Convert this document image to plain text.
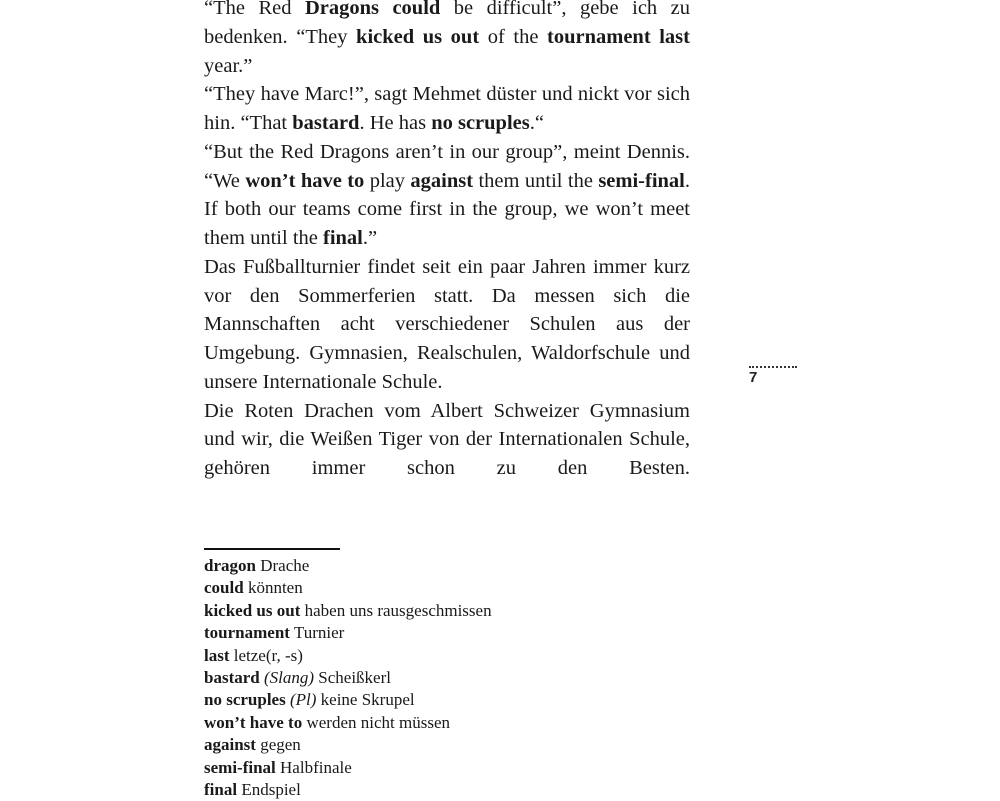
“The Red Dragons could be difficult”, gebe ich zu bedenken. “They kicked us out of the tournament last year.”

“They have Marc!”, sagt Mehmet düster und nickt vor sich hin. “That bastard. He has no scruples.“

“But the Red Dragons aren’t in our group”, meint Dennis. “We won’t have to play against them until the semi-final. If both our teams come first in the group, we won’t meet them until the final.”

Das Fußballturnier findet seit ein paar Jahren immer kurz vor den Sommerferien statt. Da messen sich die Mannschaften acht verschiedener Schulen aus der Umgebung. Gymnasien, Realschulen, Waldorfschule und unsere Internationale Schule.

Die Roten Drachen vom Albert Schweizer Gymnasium und wir, die Weißen Tiger von der Internationalen Schule, gehören immer schon zu den Besten.

7
dragon Drache
could könnten
kicked us out haben uns rausgeschmissen
tournament Turnier
last letze(r, -s)
bastard (Slang) Scheißkerl
no scruples (Pl) keine Skrupel
won’t have to werden nicht müssen
against gegen
semi-final Halbfinale
final Endspiel
